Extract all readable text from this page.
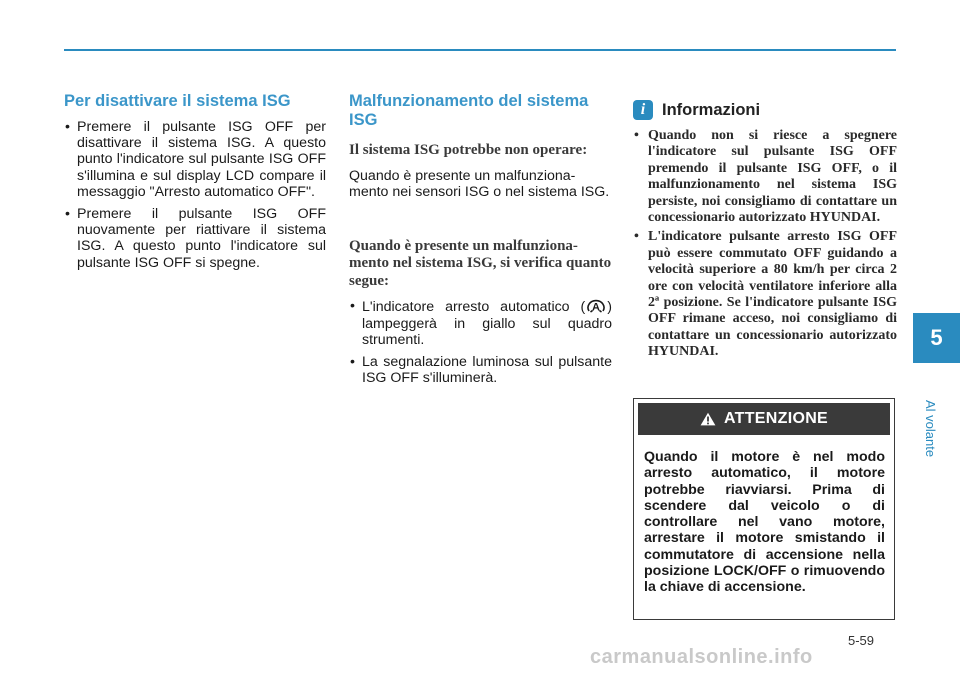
Per disattivare il sistema ISG
• Premere il pulsante ISG OFF per disattivare il sistema ISG. A questo punto l'indicatore sul pulsante ISG OFF s'illumina e sul display LCD compare il messaggio "Arresto automatico OFF".
• Premere il pulsante ISG OFF nuovamente per riattivare il sistema ISG. A questo punto l'indicatore sul pulsante ISG OFF si spegne.
Malfunzionamento del sistema ISG
Il sistema ISG potrebbe non operare:

Quando è presente un malfunziona-mento nei sensori ISG o nel sistema ISG.

Quando è presente un malfunziona-mento nel sistema ISG, si verifica quanto segue:
• L'indicatore arresto automatico ( A ) lampeggerà in giallo sul quadro strumenti.
• La segnalazione luminosa sul pulsante ISG OFF s'illuminerà.
i	Informazioni
• Quando non si riesce a spegnere l'indicatore sul pulsante ISG OFF premendo il pulsante ISG OFF, o il malfunzionamento nel sistema ISG persiste, noi consigliamo di contattare un concessionario autorizzato HYUNDAI.
• L'indicatore pulsante arresto ISG OFF può essere commutato OFF guidando a velocità superiore a 80 km/h per circa 2 ore con velocità ventilatore inferiore alla 2ª posizione. Se l'indicatore pulsante ISG OFF rimane acceso, noi consigliamo di contattare un concessionario autorizzato HYUNDAI.
ATTENZIONE
Quando il motore è nel modo arresto automatico, il motore potrebbe riavviarsi. Prima di scendere dal veicolo o di controllare nel vano motore, arrestare il motore smistando il commutatore di accensione nella posizione LOCK/OFF o rimuovendo la chiave di accensione.
5
Al volante
5-59
carmanualsonline.info
